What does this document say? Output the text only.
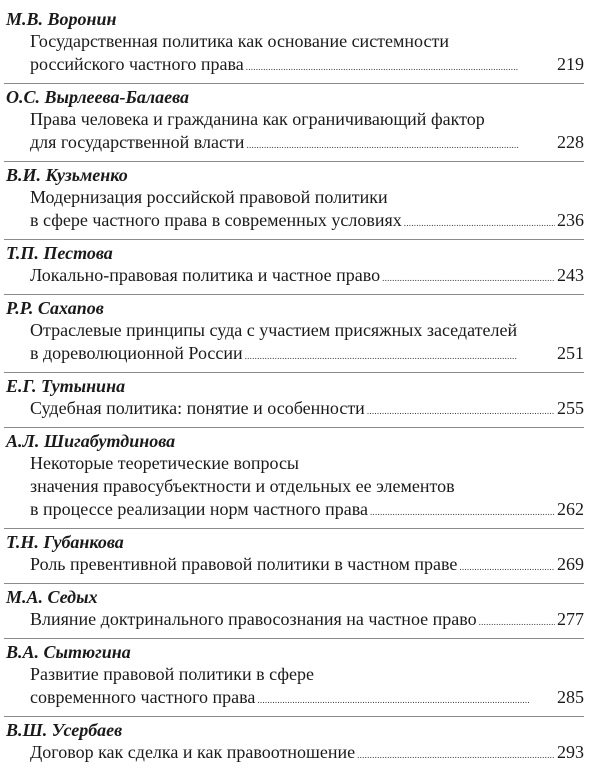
М.В. Воронин
Государственная политика как основание системности
российского частного права . . .	219
О.С. Вырлеева-Балаева
Права человека и гражданина как ограничивающий фактор
для государственной власти . . .	228
В.И. Кузьменко
Модернизация российской правовой политики
в сфере частного права в современных условиях . . .	236
Т.П. Пестова
Локально-правовая политика и частное право . . .	243
Р.Р. Сахапов
Отраслевые принципы суда с участием присяжных заседателей
в дореволюционной России . . .	251
Е.Г. Тутынина
Судебная политика: понятие и особенности . . .	255
А.Л. Шигабутдинова
Некоторые теоретические вопросы
значения правосубъектности и отдельных ее элементов
в процессе реализации норм частного права . . .	262
Т.Н. Губанкова
Роль превентивной правовой политики в частном праве . . .	269
М.А. Седых
Влияние доктринального правосознания на частное право . . .	277
В.А. Сытюгина
Развитие правовой политики в сфере
современного частного права . . .	285
В.Ш. Усербаев
Договор как сделка и как правоотношение . . .	293
